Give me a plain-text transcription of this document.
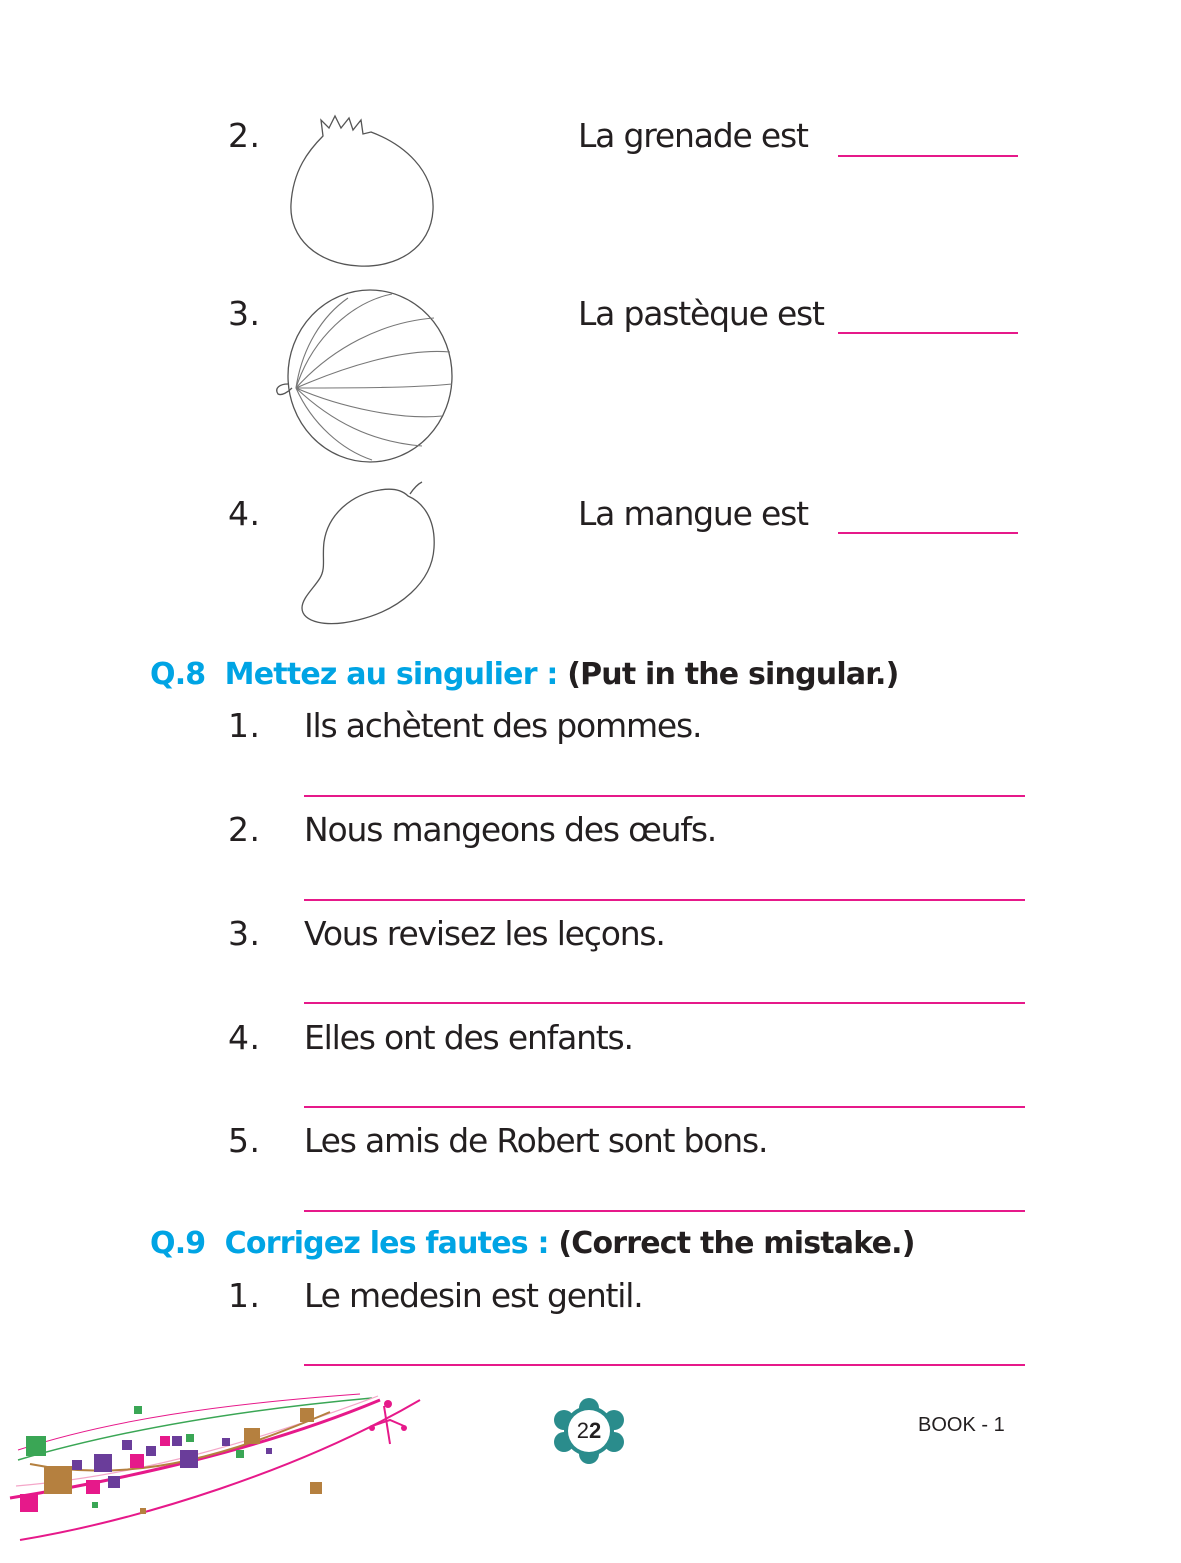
2.	La grenade est
3.	La pastèque est
4.	La mangue est
Q.8 Mettez au singulier : (Put in the singular.)
1. Ils achètent des pommes.
2. Nous mangeons des œufs.
3. Vous revisez les leçons.
4. Elles ont des enfants.
5. Les amis de Robert sont bons.
Q.9 Corrigez les fautes : (Correct the mistake.)
1. Le medesin est gentil.
22	BOOK - 1
